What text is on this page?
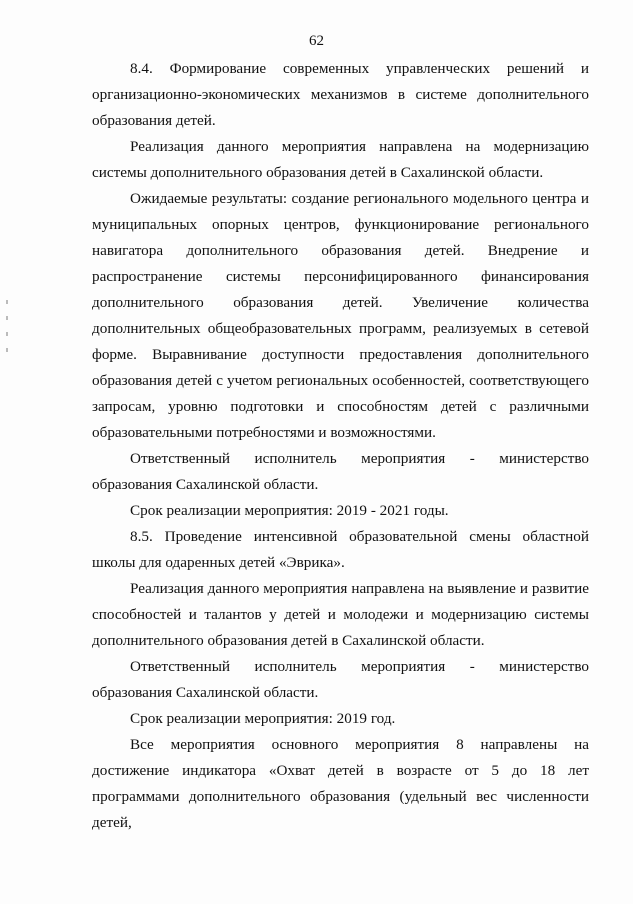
62

8.4. Формирование современных управленческих решений и организационно-экономических механизмов в системе дополнительного образования детей.

Реализация данного мероприятия направлена на модернизацию системы дополнительного образования детей в Сахалинской области.

Ожидаемые результаты: создание регионального модельного центра и муниципальных опорных центров, функционирование регионального навигатора дополнительного образования детей. Внедрение и распространение системы персонифицированного финансирования дополнительного образования детей. Увеличение количества дополнительных общеобразовательных программ, реализуемых в сетевой форме. Выравнивание доступности предоставления дополнительного образования детей с учетом региональных особенностей, соответствующего запросам, уровню подготовки и способностям детей с различными образовательными потребностями и возможностями.

Ответственный исполнитель мероприятия - министерство образования Сахалинской области.

Срок реализации мероприятия: 2019 - 2021 годы.

8.5. Проведение интенсивной образовательной смены областной школы для одаренных детей «Эврика».

Реализация данного мероприятия направлена на выявление и развитие способностей и талантов у детей и молодежи и модернизацию системы дополнительного образования детей в Сахалинской области.

Ответственный исполнитель мероприятия - министерство образования Сахалинской области.

Срок реализации мероприятия: 2019 год.

Все мероприятия основного мероприятия 8 направлены на достижение индикатора «Охват детей в возрасте от 5 до 18 лет программами дополнительного образования (удельный вес численности детей,
